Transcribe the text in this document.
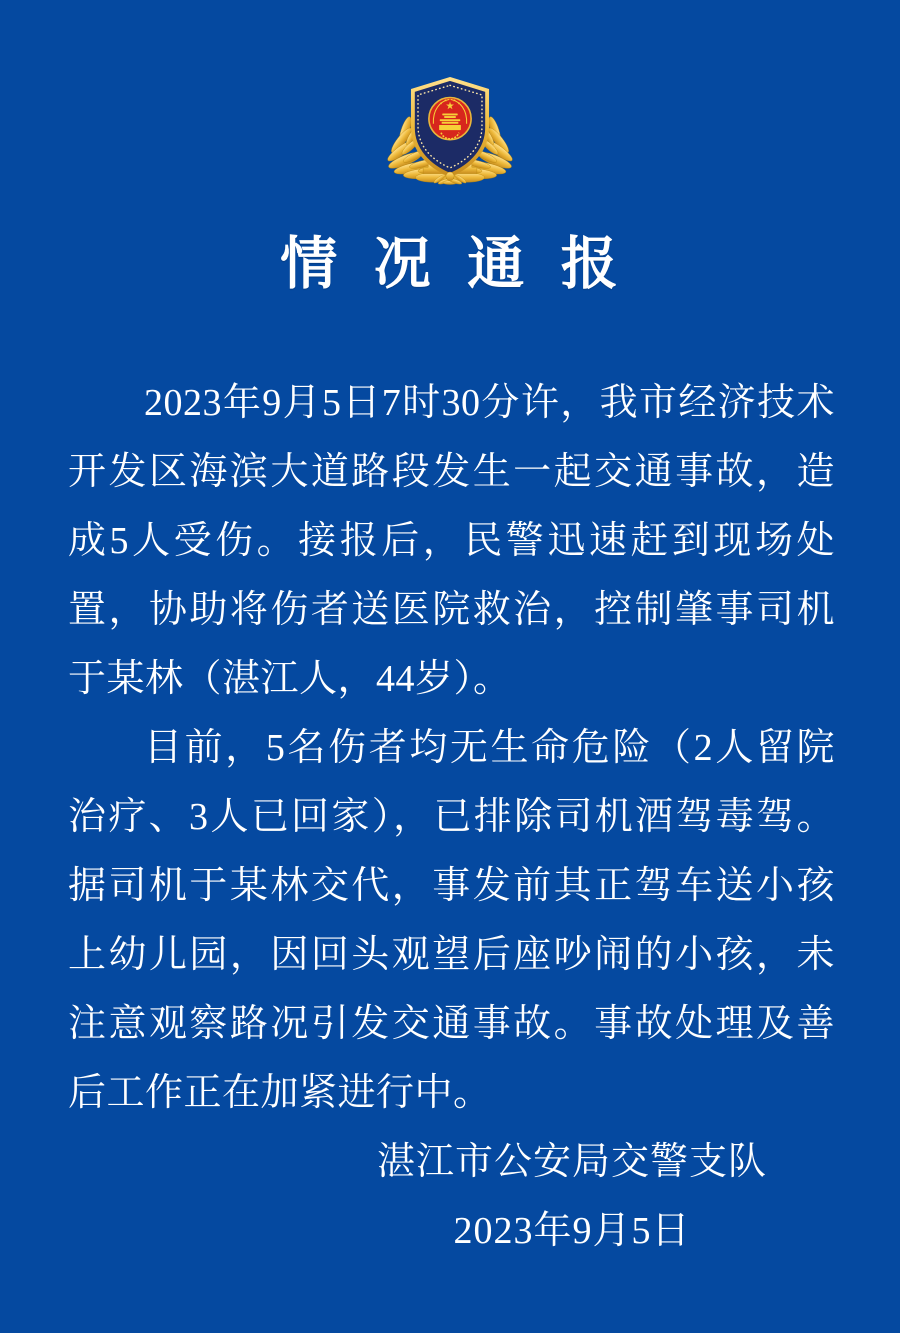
情 况 通 报

2023年9月5日7时30分许，我市经济技术开发区海滨大道路段发生一起交通事故，造成5人受伤。接报后，民警迅速赶到现场处置，协助将伤者送医院救治，控制肇事司机于某林（湛江人，44岁）。

目前，5名伤者均无生命危险（2人留院治疗、3人已回家），已排除司机酒驾毒驾。据司机于某林交代，事发前其正驾车送小孩上幼儿园，因回头观望后座吵闹的小孩，未注意观察路况引发交通事故。事故处理及善后工作正在加紧进行中。

湛江市公安局交警支队
2023年9月5日
